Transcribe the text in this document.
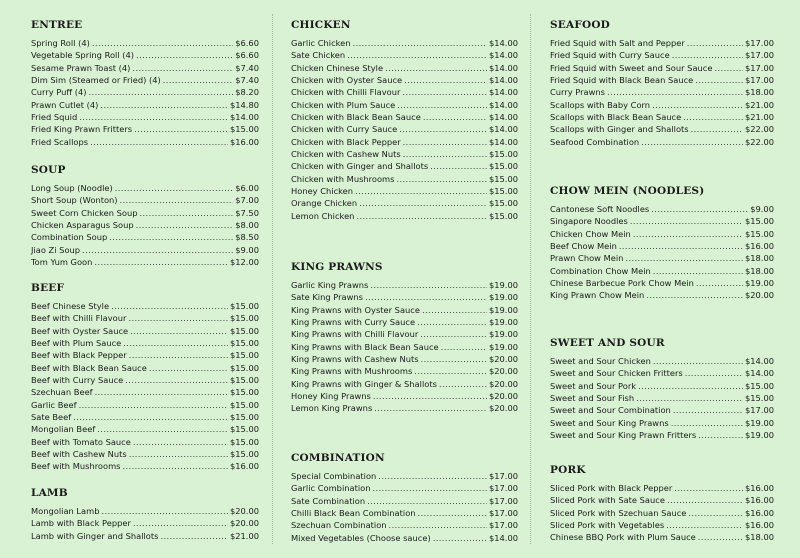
ENTREE
Spring Roll (4) .....	$6.60
Vegetable Spring Roll (4) .....	$6.60
Sesame Prawn Toast (4) .....	$7.40
Dim Sim (Steamed or Fried) (4) .....	$7.40
Curry Puff (4) .....	$8.20
Prawn Cutlet (4) .....	$14.80
Fried Squid .....	$14.00
Fried King Prawn Fritters .....	$15.00
Fried Scallops .....	$16.00
SOUP
Long Soup (Noodle) .....	$6.00
Short Soup (Wonton) .....	$7.00
Sweet Corn Chicken Soup .....	$7.50
Chicken Asparagus Soup .....	$8.00
Combination Soup .....	$8.50
Jiao Zi Soup .....	$9.00
Tom Yum Goon .....	$12.00
BEEF
Beef Chinese Style .....	$15.00
Beef with Chilli Flavour .....	$15.00
Beef with Oyster Sauce .....	$15.00
Beef with Plum Sauce .....	$15.00
Beef with Black Pepper .....	$15.00
Beef with Black Bean Sauce .....	$15.00
Beef with Curry Sauce .....	$15.00
Szechuan Beef .....	$15.00
Garlic Beef .....	$15.00
Sate Beef .....	$15.00
Mongolian Beef .....	$15.00
Beef with Tomato Sauce .....	$15.00
Beef with Cashew Nuts .....	$15.00
Beef with Mushrooms .....	$16.00
LAMB
Mongolian Lamb .....	$20.00
Lamb with Black Pepper .....	$20.00
Lamb with Ginger and Shallots .....	$21.00
CHICKEN
Garlic Chicken .....	$14.00
Sate Chicken .....	$14.00
Chicken Chinese Style .....	$14.00
Chicken with Oyster Sauce .....	$14.00
Chicken with Chilli Flavour .....	$14.00
Chicken with Plum Sauce .....	$14.00
Chicken with Black Bean Sauce .....	$14.00
Chicken with Curry Sauce .....	$14.00
Chicken with Black Pepper .....	$14.00
Chicken with Cashew Nuts .....	$15.00
Chicken with Ginger and Shallots .....	$15.00
Chicken with Mushrooms .....	$15.00
Honey Chicken .....	$15.00
Orange Chicken .....	$15.00
Lemon Chicken .....	$15.00
KING PRAWNS
Garlic King Prawns .....	$19.00
Sate King Prawns .....	$19.00
King Prawns with Oyster Sauce .....	$19.00
King Prawns with Curry Sauce .....	$19.00
King Prawns with Chilli Flavour .....	$19.00
King Prawns with Black Bean Sauce .....	$19.00
King Prawns with Cashew Nuts .....	$20.00
King Prawns with Mushrooms .....	$20.00
King Prawns with Ginger & Shallots .....	$20.00
Honey King Prawns .....	$20.00
Lemon King Prawns .....	$20.00
COMBINATION
Special Combination .....	$17.00
Garlic Combination .....	$17.00
Sate Combination .....	$17.00
Chilli Black Bean Combination .....	$17.00
Szechuan Combination .....	$17.00
Mixed Vegetables (Choose sauce) .....	$14.00
SEAFOOD
Fried Squid with Salt and Pepper .....	$17.00
Fried Squid with Curry Sauce .....	$17.00
Fried Squid with Sweet and Sour Sauce .....	$17.00
Fried Squid with Black Bean Sauce .....	$17.00
Curry Prawns .....	$18.00
Scallops with Baby Corn .....	$21.00
Scallops with Black Bean Sauce .....	$21.00
Scallops with Ginger and Shallots .....	$22.00
Seafood Combination .....	$22.00
CHOW MEIN (NOODLES)
Cantonese Soft Noodles .....	$9.00
Singapore Noodles .....	$15.00
Chicken Chow Mein .....	$15.00
Beef Chow Mein .....	$16.00
Prawn Chow Mein .....	$18.00
Combination Chow Mein .....	$18.00
Chinese Barbecue Pork Chow Mein .....	$19.00
King Prawn Chow Mein .....	$20.00
SWEET AND SOUR
Sweet and Sour Chicken .....	$14.00
Sweet and Sour Chicken Fritters .....	$14.00
Sweet and Sour Pork .....	$15.00
Sweet and Sour Fish .....	$15.00
Sweet and Sour Combination .....	$17.00
Sweet and Sour King Prawns .....	$19.00
Sweet and Sour King Prawn Fritters .....	$19.00
PORK
Sliced Pork with Black Pepper .....	$16.00
Sliced Pork with Sate Sauce .....	$16.00
Sliced Pork with Szechuan Sauce .....	$16.00
Sliced Pork with Vegetables .....	$16.00
Chinese BBQ Pork with Plum Sauce .....	$18.00
